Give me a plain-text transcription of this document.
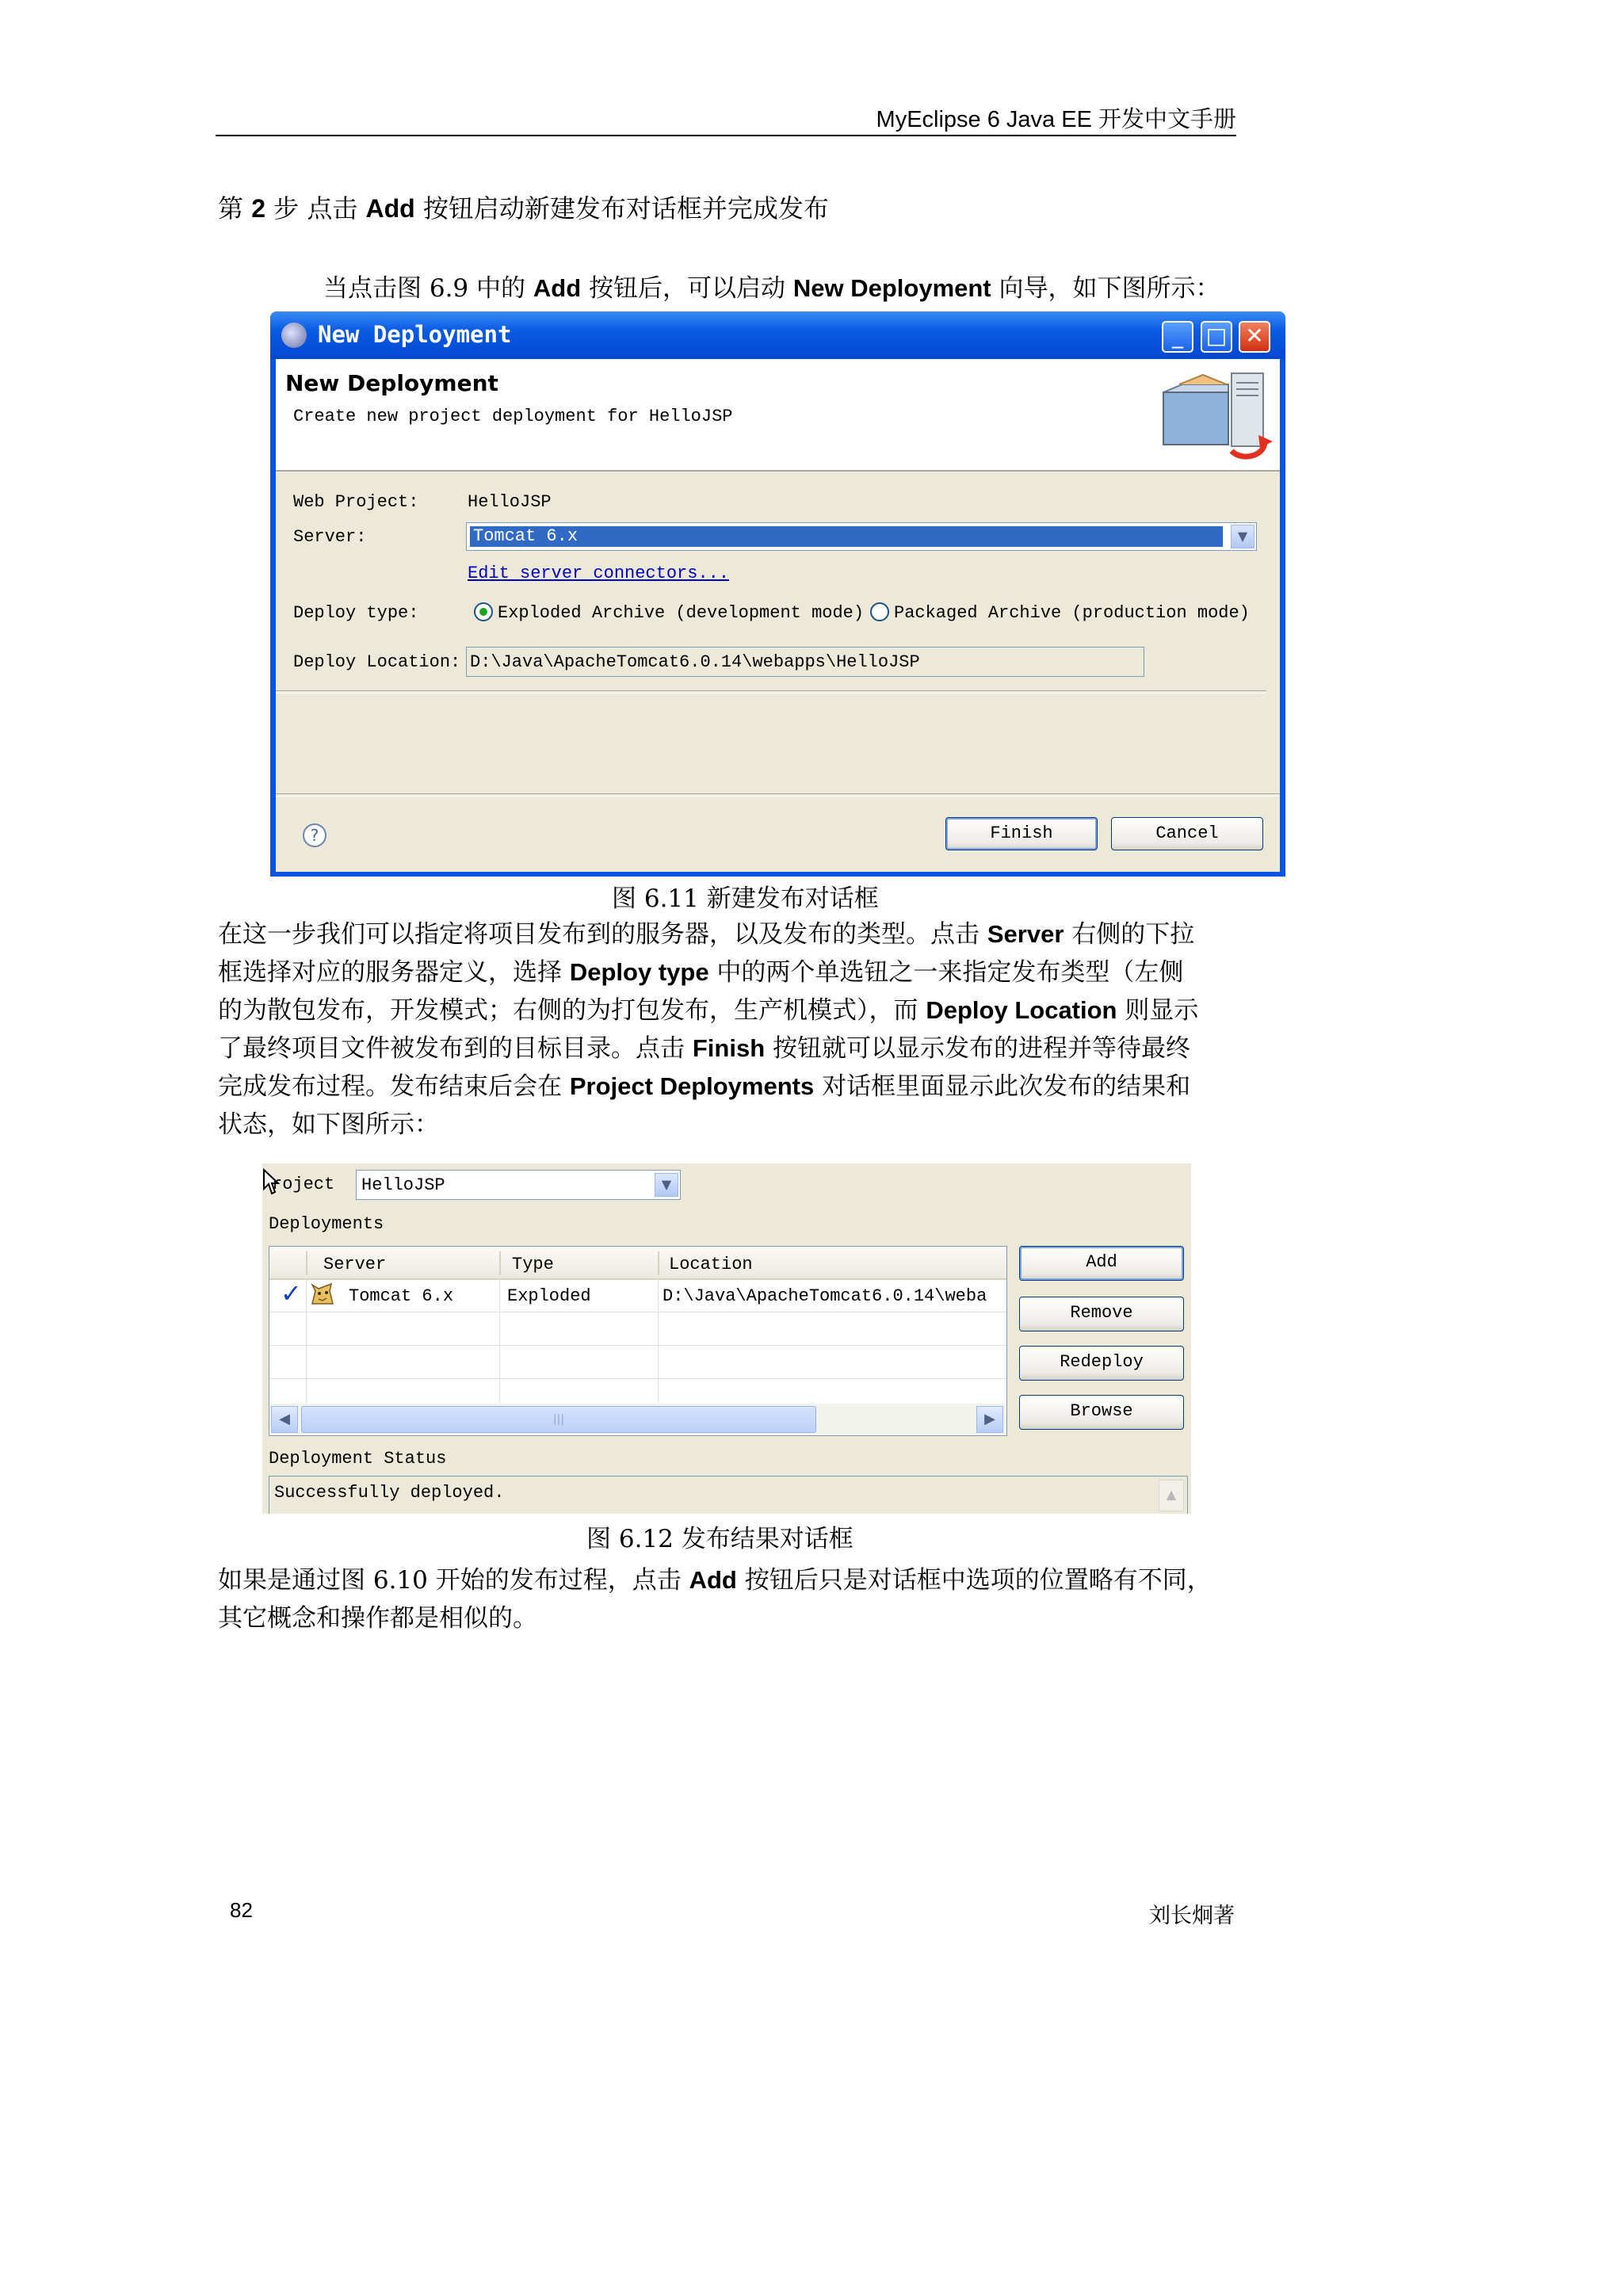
MyEclipse 6 Java EE 开发中文手册
第 2 步 点击 Add 按钮启动新建发布对话框并完成发布
当点击图 6.9 中的 Add 按钮后，可以启动 New Deployment 向导，如下图所示：
New Deployment	_	□ ✕
New Deployment
Create new project deployment for HelloJSP
Web Project:	HelloJSP
Server:	Tomcat 6.x	▼
Edit server connectors...
Deploy type:	Exploded Archive (development mode) Packaged Archive (production mode)
Deploy Location: D:\Java\ApacheTomcat6.0.14\webapps\HelloJSP
?	Finish	Cancel
图 6.11 新建发布对话框
在这一步我们可以指定将项目发布到的服务器，以及发布的类型。点击 Server 右侧的下拉
框选择对应的服务器定义，选择 Deploy type 中的两个单选钮之一来指定发布类型（左侧
的为散包发布，开发模式；右侧的为打包发布，生产机模式），而 Deploy Location 则显示
了最终项目文件被发布到的目标目录。点击 Finish 按钮就可以显示发布的进程并等待最终
完成发布过程。发布结束后会在 Project Deployments 对话框里面显示此次发布的结果和
状态，如下图所示：
roject HelloJSP	▼
Deployments
Server	Type	Location
✓	Tomcat 6.x	Exploded	D:\Java\ApacheTomcat6.0.14\weba
◀	|||	▶
Add
Remove
Redeploy
Browse
Deployment Status
Successfully deployed.	▲
图 6.12 发布结果对话框
如果是通过图 6.10 开始的发布过程，点击 Add 按钮后只是对话框中选项的位置略有不同，
其它概念和操作都是相似的。
82	刘长炯著
